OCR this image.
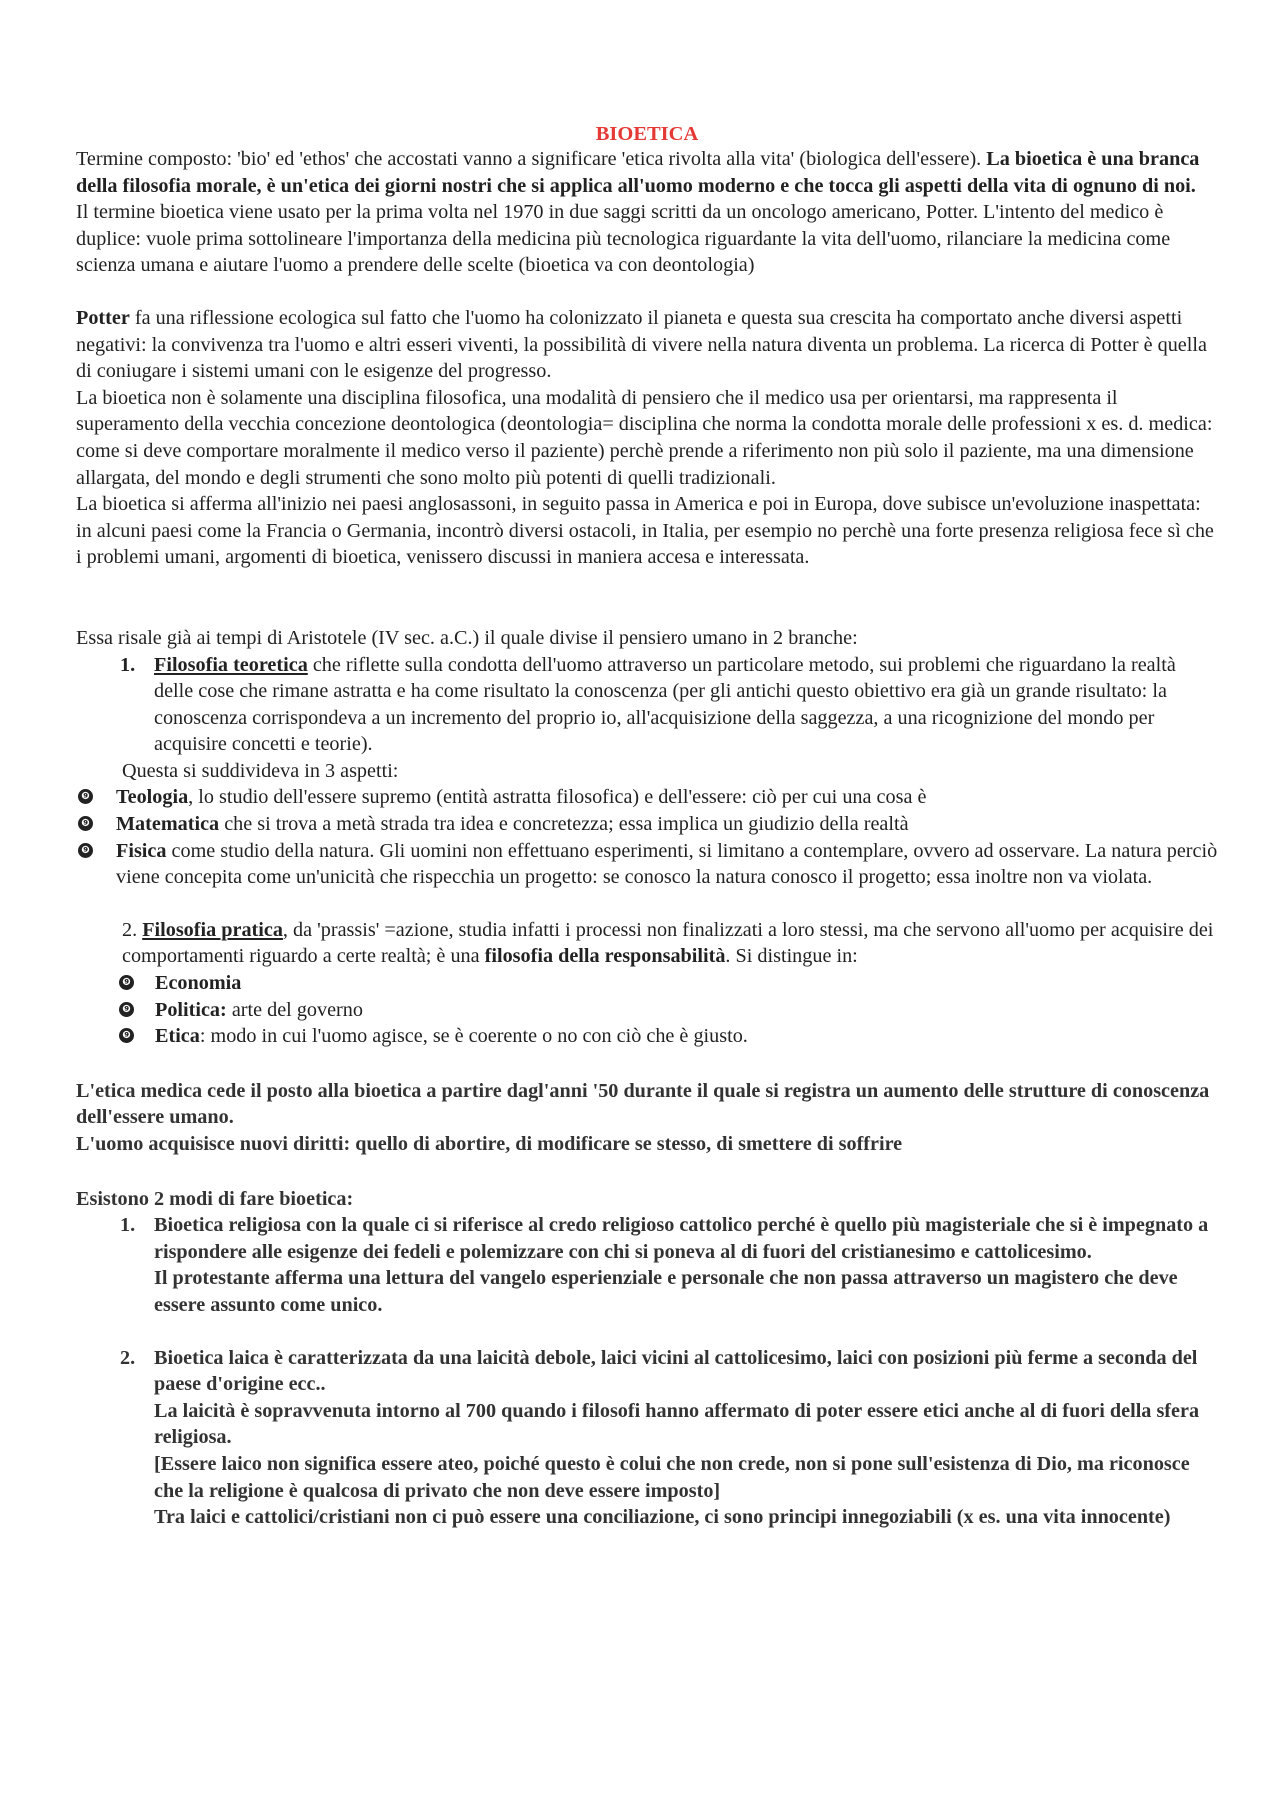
BIOETICA

Termine composto: 'bio' ed 'ethos' che accostati vanno a significare 'etica rivolta alla vita' (biologica dell'essere). La bioetica è una branca della filosofia morale, è un'etica dei giorni nostri che si applica all'uomo moderno e che tocca gli aspetti della vita di ognuno di noi.

Il termine bioetica viene usato per la prima volta nel 1970 in due saggi scritti da un oncologo americano, Potter. L'intento del medico è duplice: vuole prima sottolineare l'importanza della medicina più tecnologica riguardante la vita dell'uomo, rilanciare la medicina come scienza umana e aiutare l'uomo a prendere delle scelte (bioetica va con deontologia)

Potter fa una riflessione ecologica sul fatto che l'uomo ha colonizzato il pianeta e questa sua crescita ha comportato anche diversi aspetti negativi: la convivenza tra l'uomo e altri esseri viventi, la possibilità di vivere nella natura diventa un problema. La ricerca di Potter è quella di coniugare i sistemi umani con le esigenze del progresso.

La bioetica non è solamente una disciplina filosofica, una modalità di pensiero che il medico usa per orientarsi, ma rappresenta il superamento della vecchia concezione deontologica (deontologia= disciplina che norma la condotta morale delle professioni x es. d. medica: come si deve comportare moralmente il medico verso il paziente) perchè prende a riferimento non più solo il paziente, ma una dimensione allargata, del mondo e degli strumenti che sono molto più potenti di quelli tradizionali.

La bioetica si afferma all'inizio nei paesi anglosassoni, in seguito passa in America e poi in Europa, dove subisce un'evoluzione inaspettata: in alcuni paesi come la Francia o Germania, incontrò diversi ostacoli, in Italia, per esempio no perchè una forte presenza religiosa fece sì che i problemi umani, argomenti di bioetica, venissero discussi in maniera accesa e interessata.

Essa risale già ai tempi di Aristotele (IV sec. a.C.) il quale divise il pensiero umano in 2 branche:

1. Filosofia teoretica che riflette sulla condotta dell'uomo attraverso un particolare metodo, sui problemi che riguardano la realtà delle cose che rimane astratta e ha come risultato la conoscenza (per gli antichi questo obiettivo era già un grande risultato: la conoscenza corrispondeva a un incremento del proprio io, all'acquisizione della saggezza, a una ricognizione del mondo per acquisire concetti e teorie).

Questa si suddivideva in 3 aspetti:

❾ Teologia, lo studio dell'essere supremo (entità astratta filosofica) e dell'essere: ciò per cui una cosa è
❾ Matematica che si trova a metà strada tra idea e concretezza; essa implica un giudizio della realtà
❾ Fisica come studio della natura. Gli uomini non effettuano esperimenti, si limitano a contemplare, ovvero ad osservare. La natura perciò viene concepita come un'unicità che rispecchia un progetto: se conosco la natura conosco il progetto; essa inoltre non va violata.

2. Filosofia pratica, da 'prassis' =azione, studia infatti i processi non finalizzati a loro stessi, ma che servono all'uomo per acquisire dei comportamenti riguardo a certe realtà; è una filosofia della responsabilità. Si distingue in:

❾ Economia
❾ Politica: arte del governo
❾ Etica: modo in cui l'uomo agisce, se è coerente o no con ciò che è giusto.

L'etica medica cede il posto alla bioetica a partire dagl'anni '50 durante il quale si registra un aumento delle strutture di conoscenza dell'essere umano.

L'uomo acquisisce nuovi diritti: quello di abortire, di modificare se stesso, di smettere di soffrire

Esistono 2 modi di fare bioetica:

1. Bioetica religiosa con la quale ci si riferisce al credo religioso cattolico perché è quello più magisteriale che si è impegnato a rispondere alle esigenze dei fedeli e polemizzare con chi si poneva al di fuori del cristianesimo e cattolicesimo.

Il protestante afferma una lettura del vangelo esperienziale e personale che non passa attraverso un magistero che deve essere assunto come unico.

2. Bioetica laica è caratterizzata da una laicità debole, laici vicini al cattolicesimo, laici con posizioni più ferme a seconda del paese d'origine ecc..

La laicità è sopravvenuta intorno al 700 quando i filosofi hanno affermato di poter essere etici anche al di fuori della sfera religiosa.

[Essere laico non significa essere ateo, poiché questo è colui che non crede, non si pone sull'esistenza di Dio, ma riconosce che la religione è qualcosa di privato che non deve essere imposto]

Tra laici e cattolici/cristiani non ci può essere una conciliazione, ci sono principi innegoziabili (x es. una vita innocente)
